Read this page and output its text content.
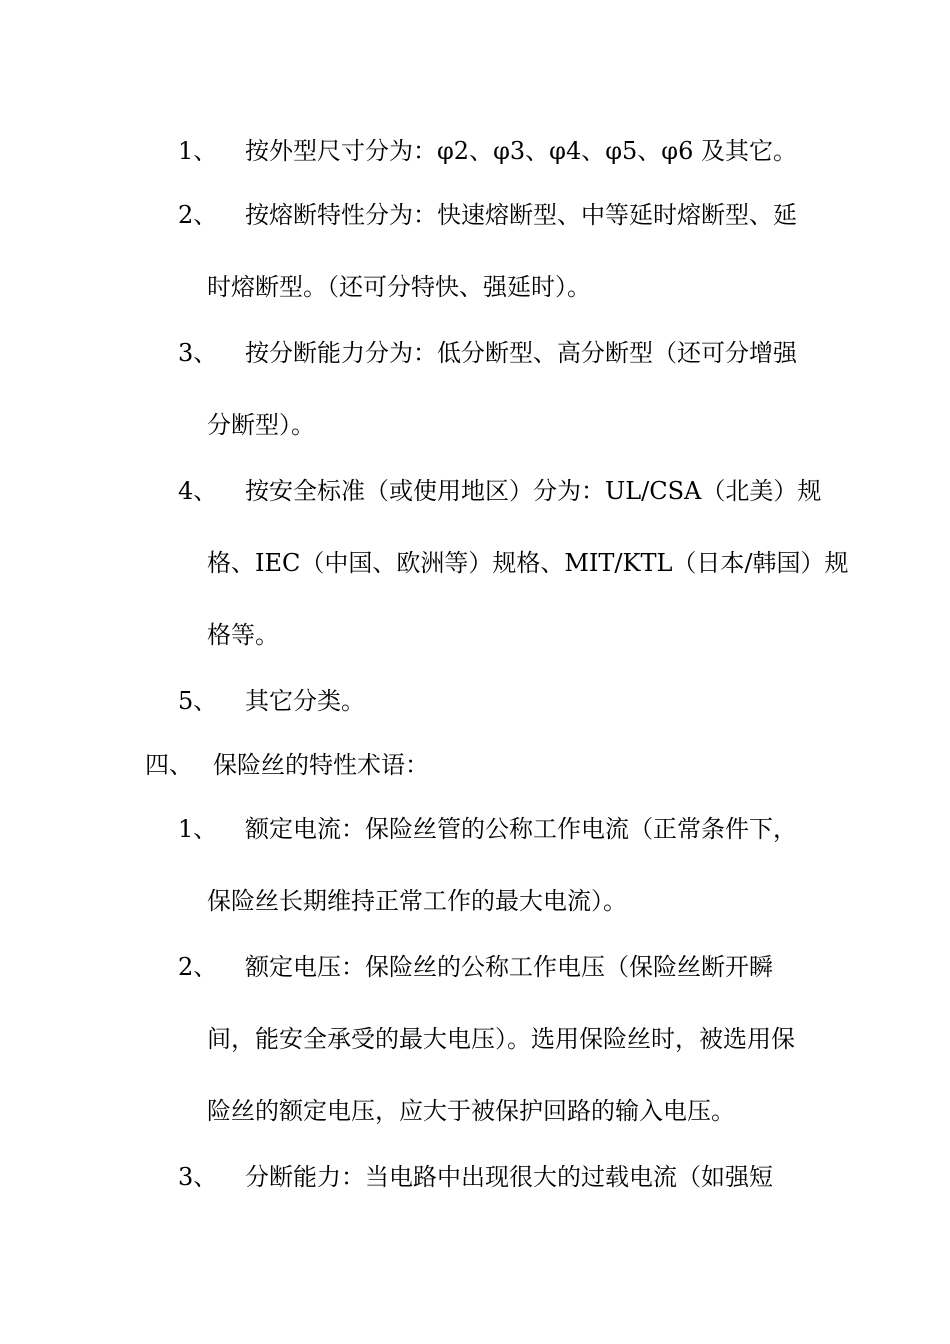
1、	按外型尺寸分为：φ2、φ3、φ4、φ5、φ6 及其它。
2、	按熔断特性分为：快速熔断型、中等延时熔断型、延
时熔断型。（还可分特快、强延时）。
3、	按分断能力分为：低分断型、高分断型（还可分增强
分断型）。
4、	按安全标准（或使用地区）分为：UL/CSA（北美）规
格、IEC（中国、欧洲等）规格、MIT/KTL（日本/韩国）规
格等。
5、	其它分类。
四、 保险丝的特性术语：
1、	额定电流：保险丝管的公称工作电流（正常条件下，
保险丝长期维持正常工作的最大电流）。
2、	额定电压：保险丝的公称工作电压（保险丝断开瞬
间，能安全承受的最大电压）。选用保险丝时，被选用保
险丝的额定电压，应大于被保护回路的输入电压。
3、	分断能力：当电路中出现很大的过载电流（如强短
